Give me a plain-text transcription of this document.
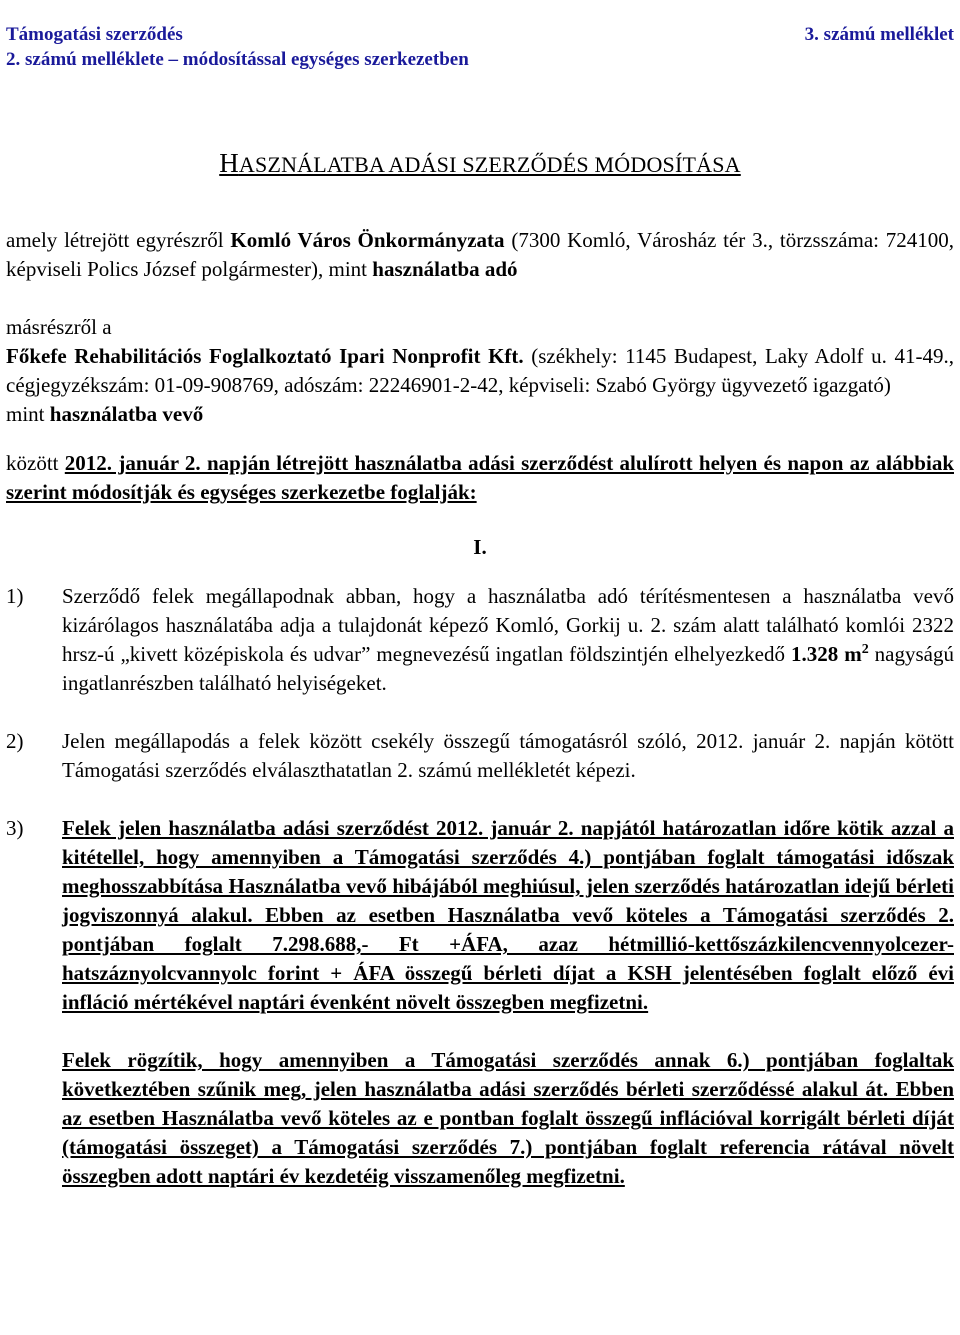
Támogatási szerződés
2. számú melléklete – módosítással egységes szerkezetben
3. számú melléklet
HASZNÁLATBA ADÁSI SZERZŐDÉS MÓDOSÍTÁSA

amely létrejött egyrészről Komló Város Önkormányzata (7300 Komló, Városház tér 3., törzsszáma: 724100, képviseli Polics József polgármester), mint használatba adó

másrészről a

Főkefe Rehabilitációs Foglalkoztató Ipari Nonprofit Kft. (székhely: 1145 Budapest, Laky Adolf u. 41-49., cégjegyzékszám: 01-09-908769, adószám: 22246901-2-42, képviseli: Szabó György ügyvezető igazgató)

mint használatba vevő

között 2012. január 2. napján létrejött használatba adási szerződést alulírott helyen és napon az alábbiak szerint módosítják és egységes szerkezetbe foglalják:

I.
1)	Szerződő felek megállapodnak abban, hogy a használatba adó térítésmentesen a használatba vevő kizárólagos használatába adja a tulajdonát képező Komló, Gorkij u. 2. szám alatt található komlói 2322 hrsz-ú „kivett középiskola és udvar” megnevezésű ingatlan földszintjén elhelyezkedő 1.328 $m^2$ nagyságú ingatlanrészben található helyiségeket.
2)	Jelen megállapodás a felek között csekély összegű támogatásról szóló, 2012. január 2. napján kötött Támogatási szerződés elválaszthatatlan 2. számú mellékletét képezi.
3)	Felek jelen használatba adási szerződést 2012. január 2. napjától határozatlan időre kötik azzal a kitétellel, hogy amennyiben a Támogatási szerződés 4.) pontjában foglalt támogatási időszak meghosszabbítása Használatba vevő hibájából meghiúsul, jelen szerződés határozatlan idejű bérleti jogviszonnyá alakul. Ebben az esetben Használatba vevő köteles a Támogatási szerződés 2. pontjában foglalt 7.298.688,- Ft +ÁFA, azaz hétmillió-kettőszázkilencvennyolcezer-hatszáznyolcvannyolc forint + ÁFA összegű bérleti díjat a KSH jelentésében foglalt előző évi infláció mértékével naptári évenként növelt összegben megfizetni.
Felek rögzítik, hogy amennyiben a Támogatási szerződés annak 6.) pontjában foglaltak következtében szűnik meg, jelen használatba adási szerződés bérleti szerződéssé alakul át. Ebben az esetben Használatba vevő köteles az e pontban foglalt összegű inflációval korrigált bérleti díját (támogatási összeget) a Támogatási szerződés 7.) pontjában foglalt referencia rátával növelt összegben adott naptári év kezdetéig visszamenőleg megfizetni.
